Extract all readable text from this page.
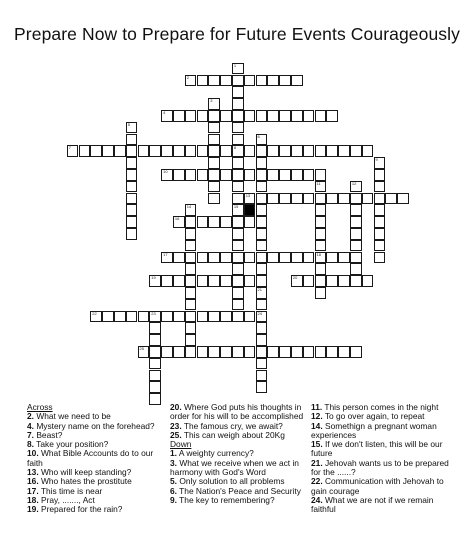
Prepare Now to Prepare for Future Events Courageously
2
4
7	8
10
13
16
17	18
19	20
22	23	24
25
1
15
3
5
6
9
11	12
14
21
Across
2. What we need to be
4. Mystery name on the forehead?
7. Beast?
8. Take your position?
10. What Bible Accounts do to our faith
13. Who will keep standing?
16. Who hates the prostitute
17. This time is near
18. Pray, ......., Act
19. Prepared for the rain?
20. Where God puts his thoughts in order for his will to be accomplished
23. The famous cry, we await?
25. This can weigh about 20Kg
Down
1. A weighty currency?
3. What we receive when we act in harmony with God's Word
5. Only solution to all problems
6. The Nation's Peace and Security
9. The key to remembering?
11. This person comes in the night
12. To go over again, to repeat
14. Somethign a pregnant woman experiences
15. If we don't listen, this will be our future
21. Jehovah wants us to be prepared for the ......?
22. Communication with Jehovah to gain courage
24. What we are not if we remain faithful
